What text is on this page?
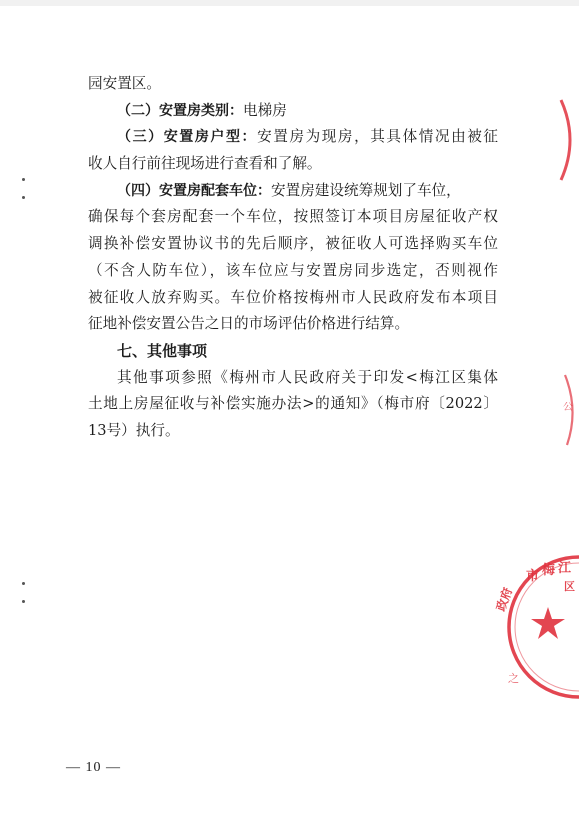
园安置区。
（二）安置房类别：电梯房
（三）安置房户型：安置房为现房，其具体情况由被征
收人自行前往现场进行查看和了解。
（四）安置房配套车位：安置房建设统筹规划了车位，
确保每个套房配套一个车位，按照签订本项目房屋征收产权
调换补偿安置协议书的先后顺序，被征收人可选择购买车位
（不含人防车位），该车位应与安置房同步选定，否则视作
被征收人放弃购买。车位价格按梅州市人民政府发布本项目
征地补偿安置公告之日的市场评估价格进行结算。
七、其他事项
其他事项参照《梅州市人民政府关于印发<梅江区集体
土地上房屋征收与补偿实施办法>的通知》（梅市府〔2022〕
13号）执行。
— 10 —
公
市 梅 江 区
政府
之
